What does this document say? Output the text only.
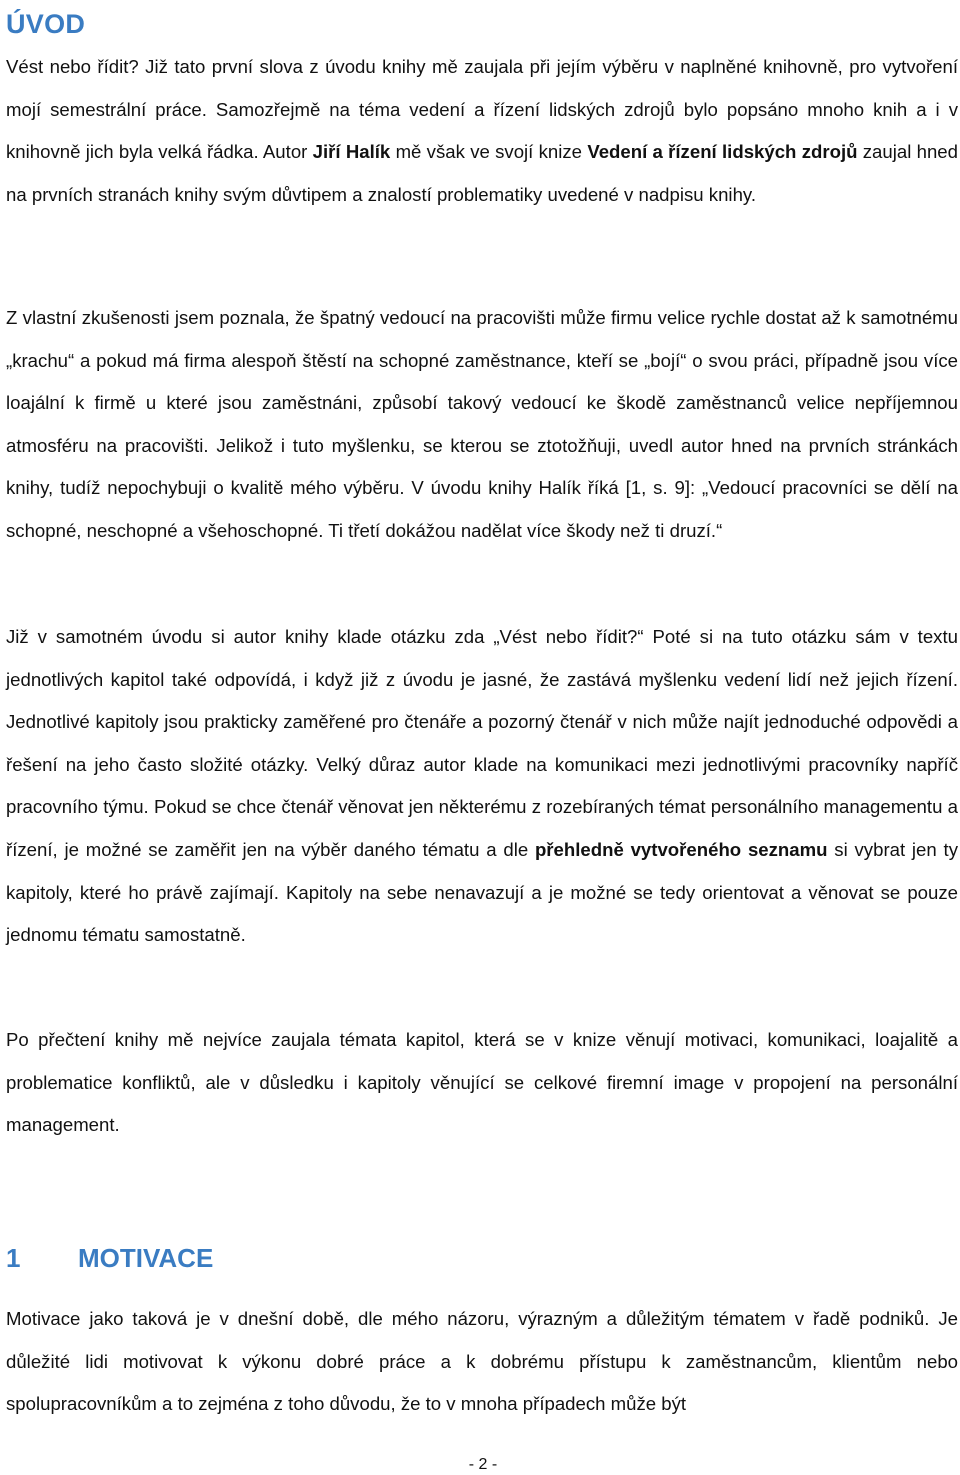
ÚVOD

Vést nebo řídit? Již tato první slova z úvodu knihy mě zaujala při jejím výběru v naplněné knihovně, pro vytvoření mojí semestrální práce. Samozřejmě na téma vedení a řízení lidských zdrojů bylo popsáno mnoho knih a i v knihovně jich byla velká řádka. Autor Jiří Halík mě však ve svojí knize Vedení a řízení lidských zdrojů zaujal hned na prvních stranách knihy svým důvtipem a znalostí problematiky uvedené v nadpisu knihy.

Z vlastní zkušenosti jsem poznala, že špatný vedoucí na pracovišti může firmu velice rychle dostat až k samotnému „krachu“ a pokud má firma alespoň štěstí na schopné zaměstnance, kteří se „bojí“ o svou práci, případně jsou více loajální k firmě u které jsou zaměstnáni, způsobí takový vedoucí ke škodě zaměstnanců velice nepříjemnou atmosféru na pracovišti. Jelikož i tuto myšlenku, se kterou se ztotožňuji, uvedl autor hned na prvních stránkách knihy, tudíž nepochybuji o kvalitě mého výběru. V úvodu knihy Halík říká [1, s. 9]: „Vedoucí pracovníci se dělí na schopné, neschopné a všehoschopné. Ti třetí dokážou nadělat více škody než ti druzí.“

Již v samotném úvodu si autor knihy klade otázku zda „Vést nebo řídit?“ Poté si na tuto otázku sám v textu jednotlivých kapitol také odpovídá, i když již z úvodu je jasné, že zastává myšlenku vedení lidí než jejich řízení. Jednotlivé kapitoly jsou prakticky zaměřené pro čtenáře a pozorný čtenář v nich může najít jednoduché odpovědi a řešení na jeho často složité otázky. Velký důraz autor klade na komunikaci mezi jednotlivými pracovníky napříč pracovního týmu. Pokud se chce čtenář věnovat jen některému z rozebíraných témat personálního managementu a řízení, je možné se zaměřit jen na výběr daného tématu a dle přehledně vytvořeného seznamu si vybrat jen ty kapitoly, které ho právě zajímají. Kapitoly na sebe nenavazují a je možné se tedy orientovat a věnovat se pouze jednomu tématu samostatně.

Po přečtení knihy mě nejvíce zaujala témata kapitol, která se v knize věnují motivaci, komunikaci, loajalitě a problematice konfliktů, ale v důsledku i kapitoly věnující se celkové firemní image v propojení na personální management.

1 MOTIVACE

Motivace jako taková je v dnešní době, dle mého názoru, výrazným a důležitým tématem v řadě podniků. Je důležité lidi motivovat k výkonu dobré práce a k dobrému přístupu k zaměstnancům, klientům nebo spolupracovníkům a to zejména z toho důvodu, že to v mnoha případech může být

- 2 -
